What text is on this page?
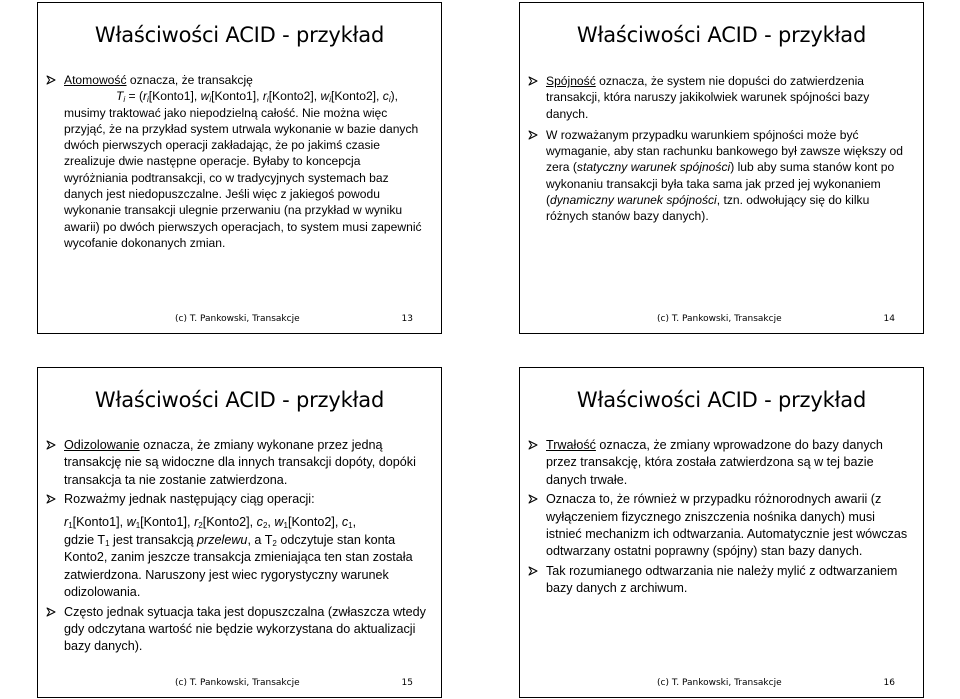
Właściwości ACID - przykład
Atomowość oznacza, że transakcję
$T_i$ = ($r_i[Konto1]$, $w_i[Konto1]$, $r_i[Konto2]$, $w_i[Konto2]$, $c_i$),
musimy traktować jako niepodzielną całość. Nie można więc przyjąć, że na przykład system utrwala wykonanie w bazie danych dwóch pierwszych operacji zakładając, że po jakimś czasie zrealizuje dwie następne operacje. Byłaby to koncepcja wyróżniania podtransakcji, co w tradycyjnych systemach baz danych jest niedopuszczalne. Jeśli więc z jakiegoś powodu wykonanie transakcji ulegnie przerwaniu (na przykład w wyniku awarii) po dwóch pierwszych operacjach, to system musi zapewnić wycofanie dokonanych zmian.
(c) T. Pankowski, Transakcje	13
Właściwości ACID - przykład
Spójność oznacza, że system nie dopuści do zatwierdzenia transakcji, która naruszy jakikolwiek warunek spójności bazy danych.
W rozważanym przypadku warunkiem spójności może być wymaganie, aby stan rachunku bankowego był zawsze większy od zera (statyczny warunek spójności) lub aby suma stanów kont po wykonaniu transakcji była taka sama jak przed jej wykonaniem (dynamiczny warunek spójności, tzn. odwołujący się do kilku różnych stanów bazy danych).
(c) T. Pankowski, Transakcje	14
Właściwości ACID - przykład
Odizolowanie oznacza, że zmiany wykonane przez jedną transakcję nie są widoczne dla innych transakcji dopóty, dopóki transakcja ta nie zostanie zatwierdzona.
Rozważmy jednak następujący ciąg operacji:
$r_1[Konto1]$, $w_1[Konto1]$, $r_2[Konto2]$, $c_2$, $w_1[Konto2]$, $c_1$,
gdzie $T_1$ jest transakcją przelewu, a $T_2$ odczytuje stan konta Konto2, zanim jeszcze transakcja zmieniająca ten stan została zatwierdzona. Naruszony jest wiec rygorystyczny warunek odizolowania.
Często jednak sytuacja taka jest dopuszczalna (zwłaszcza wtedy gdy odczytana wartość nie będzie wykorzystana do aktualizacji bazy danych).
(c) T. Pankowski, Transakcje	15
Właściwości ACID - przykład
Trwałość oznacza, że zmiany wprowadzone do bazy danych przez transakcję, która została zatwierdzona są w tej bazie danych trwałe.
Oznacza to, że również w przypadku różnorodnych awarii (z wyłączeniem fizycznego zniszczenia nośnika danych) musi istnieć mechanizm ich odtwarzania. Automatycznie jest wówczas odtwarzany ostatni poprawny (spójny) stan bazy danych.
Tak rozumianego odtwarzania nie należy mylić z odtwarzaniem bazy danych z archiwum.
(c) T. Pankowski, Transakcje	16
